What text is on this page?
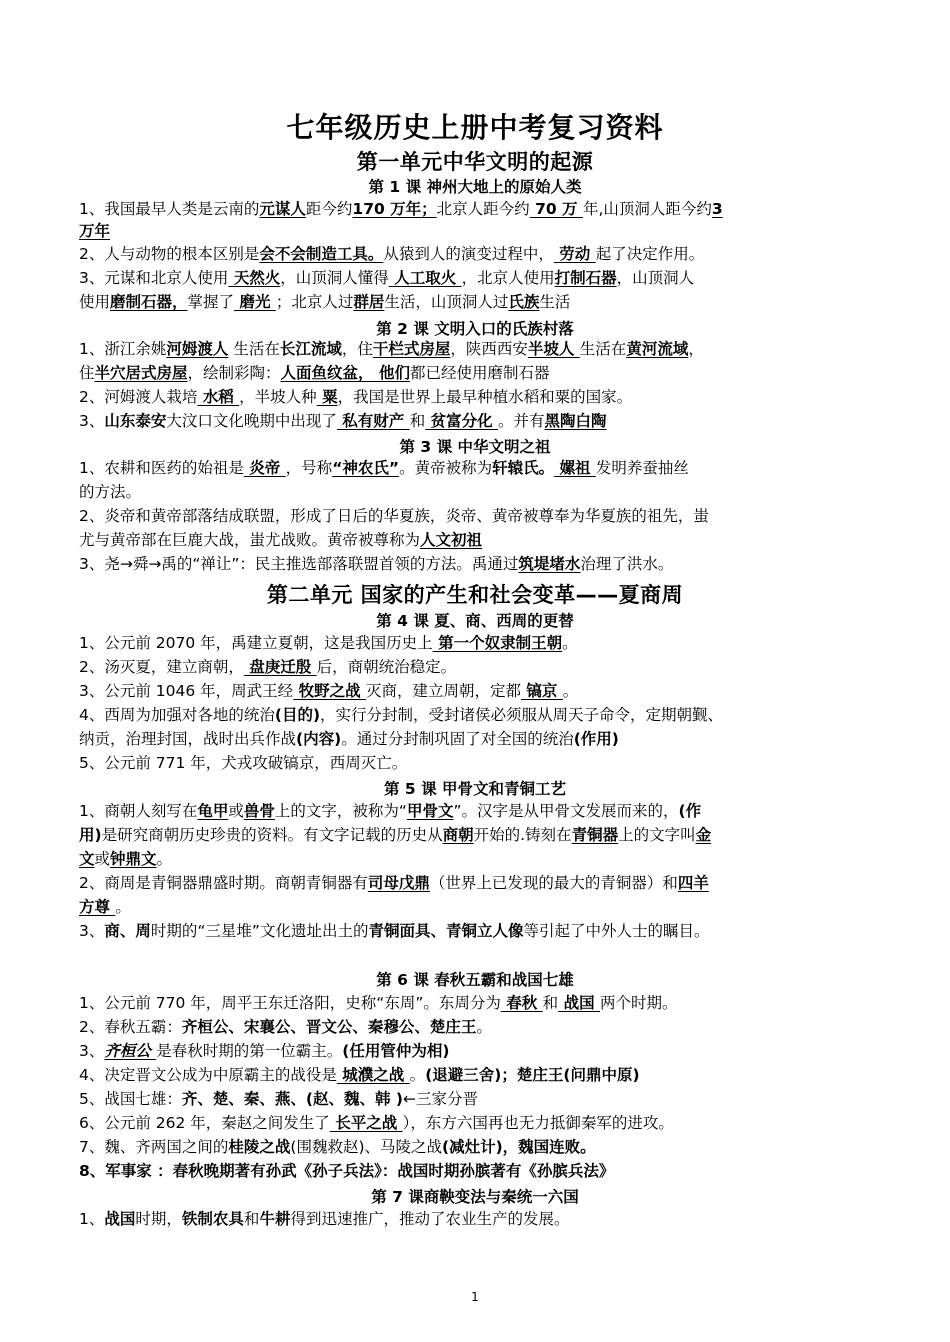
七年级历史上册中考复习资料
第一单元中华文明的起源
第 1 课 神州大地上的原始人类
1、我国最早人类是云南的元谋人距今约170 万年；北京人距今约 70 万 年,山顶洞人距今约3
万年
2、人与动物的根本区别是会不会制造工具。从猿到人的演变过程中， 劳动 起了决定作用。
3、元谋和北京人使用 天然火，山顶洞人懂得 人工取火 ，北京人使用打制石器，山顶洞人
使用磨制石器，掌握了 磨光 ；北京人过群居生活，山顶洞人过氏族生活
第 2 课 文明入口的氏族村落
1、浙江余姚河姆渡人 生活在长江流域，住干栏式房屋，陕西西安半坡人 生活在黄河流域，
住半穴居式房屋，绘制彩陶：人面鱼纹盆， 他们都已经使用磨制石器
2、河姆渡人栽培 水稻 ，半坡人种 粟，我国是世界上最早种植水稻和粟的国家。
3、山东泰安大汶口文化晚期中出现了 私有财产 和 贫富分化 。并有黑陶白陶
第 3 课 中华文明之祖
1、农耕和医药的始祖是 炎帝 ，号称“神农氏”。黄帝被称为轩辕氏。 嫘祖 发明养蚕抽丝
的方法。
2、炎帝和黄帝部落结成联盟，形成了日后的华夏族，炎帝、黄帝被尊奉为华夏族的祖先，蚩
尤与黄帝部在巨鹿大战，蚩尤战败。黄帝被尊称为人文初祖
3、尧→舜→禹的“禅让”：民主推选部落联盟首领的方法。禹通过筑堤堵水治理了洪水。
第二单元 国家的产生和社会变革——夏商周
第 4 课 夏、商、西周的更替
1、公元前 2070 年，禹建立夏朝，这是我国历史上 第一个奴隶制王朝。
2、汤灭夏，建立商朝， 盘庚迁殷 后，商朝统治稳定。
3、公元前 1046 年，周武王经 牧野之战 灭商，建立周朝，定都 镐京 。
4、西周为加强对各地的统治(目的)，实行分封制，受封诸侯必须服从周天子命令，定期朝觐、
纳贡，治理封国，战时出兵作战(内容)。通过分封制巩固了对全国的统治(作用)
5、公元前 771 年，犬戎攻破镐京，西周灭亡。
第 5 课 甲骨文和青铜工艺
1、商朝人刻写在龟甲或兽骨上的文字，被称为“甲骨文”。汉字是从甲骨文发展而来的，(作
用)是研究商朝历史珍贵的资料。有文字记载的历史从商朝开始的.铸刻在青铜器上的文字叫金
文或钟鼎文。
2、商周是青铜器鼎盛时期。商朝青铜器有司母戊鼎（世界上已发现的最大的青铜器）和四羊
方尊 。
3、商、周时期的“三星堆”文化遗址出土的青铜面具、青铜立人像等引起了中外人士的瞩目。
第 6 课 春秋五霸和战国七雄
1、公元前 770 年，周平王东迁洛阳，史称“东周”。东周分为 春秋 和 战国 两个时期。
2、春秋五霸：齐桓公、宋襄公、晋文公、秦穆公、楚庄王。
3、齐桓公 是春秋时期的第一位霸主。(任用管仲为相)
4、决定晋文公成为中原霸主的战役是 城濮之战 。(退避三舍)；楚庄王(问鼎中原)
5、战国七雄：齐、楚、秦、燕、(赵、魏、韩 )←三家分晋
6、公元前 262 年，秦赵之间发生了 长平之战 ），东方六国再也无力抵御秦军的进攻。
7、魏、齐两国之间的桂陵之战(围魏救赵)、马陵之战(减灶计)，魏国连败。
8、军事家 ：春秋晚期著有孙武《孙子兵法》：战国时期孙膑著有《孙膑兵法》
第 7 课商鞅变法与秦统一六国
1、战国时期，铁制农具和牛耕得到迅速推广，推动了农业生产的发展。
1
